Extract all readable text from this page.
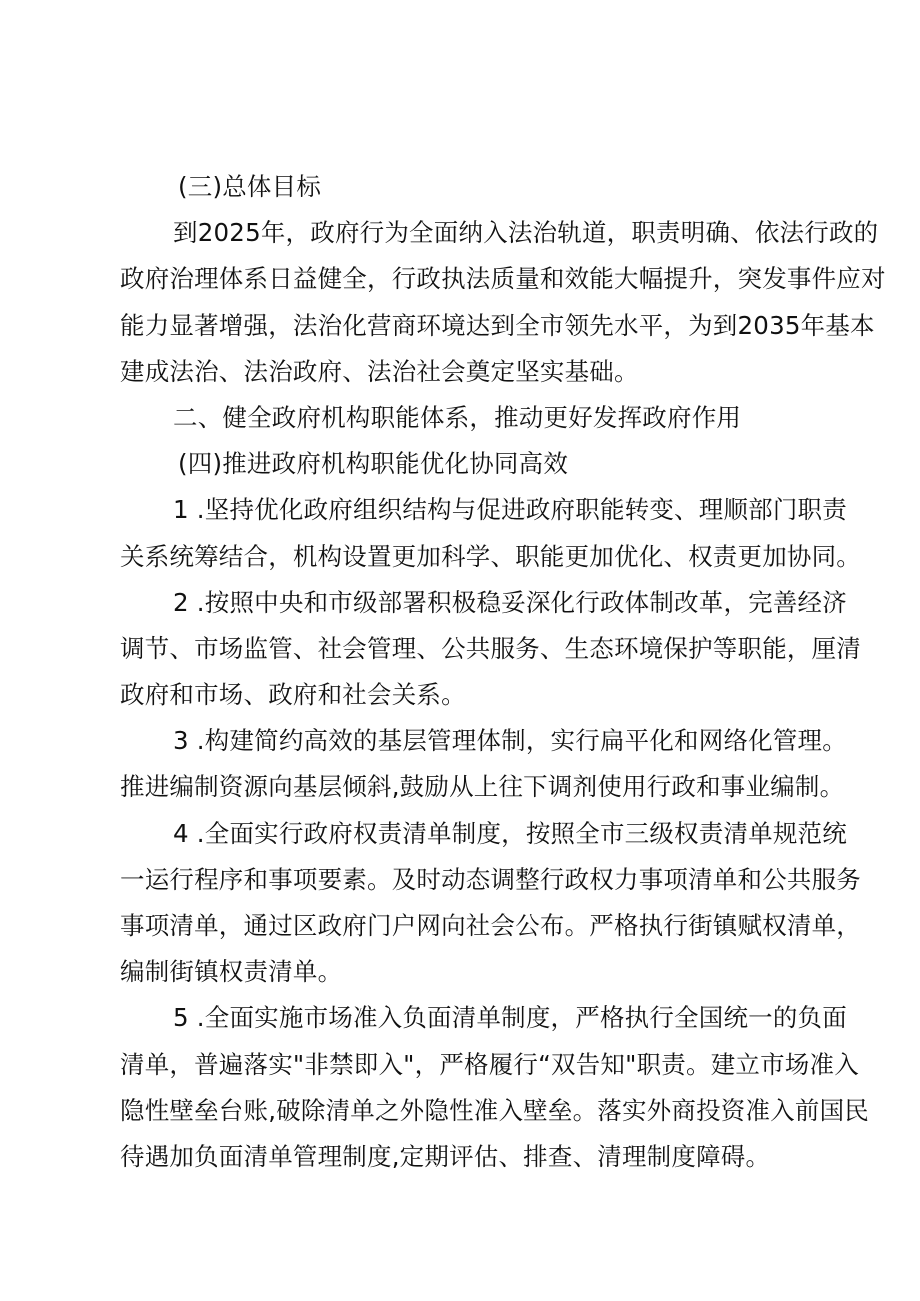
(三)总体目标
到2025年，政府行为全面纳入法治轨道，职责明确、依法行政的
政府治理体系日益健全，行政执法质量和效能大幅提升，突发事件应对
能力显著增强，法治化营商环境达到全市领先水平，为到2035年基本
建成法治、法治政府、法治社会奠定坚实基础。
二、健全政府机构职能体系，推动更好发挥政府作用
(四)推进政府机构职能优化协同高效
1 .坚持优化政府组织结构与促进政府职能转变、理顺部门职责
关系统筹结合，机构设置更加科学、职能更加优化、权责更加协同。
2 .按照中央和市级部署积极稳妥深化行政体制改革，完善经济
调节、市场监管、社会管理、公共服务、生态环境保护等职能，厘清
政府和市场、政府和社会关系。
3 .构建简约高效的基层管理体制，实行扁平化和网络化管理。
推进编制资源向基层倾斜,鼓励从上往下调剂使用行政和事业编制。
4 .全面实行政府权责清单制度，按照全市三级权责清单规范统
一运行程序和事项要素。及时动态调整行政权力事项清单和公共服务
事项清单，通过区政府门户网向社会公布。严格执行街镇赋权清单，
编制街镇权责清单。
5 .全面实施市场准入负面清单制度，严格执行全国统一的负面
清单，普遍落实"非禁即入"，严格履行“双告知"职责。建立市场准入
隐性壁垒台账,破除清单之外隐性准入壁垒。落实外商投资准入前国民
待遇加负面清单管理制度,定期评估、排查、清理制度障碍。
